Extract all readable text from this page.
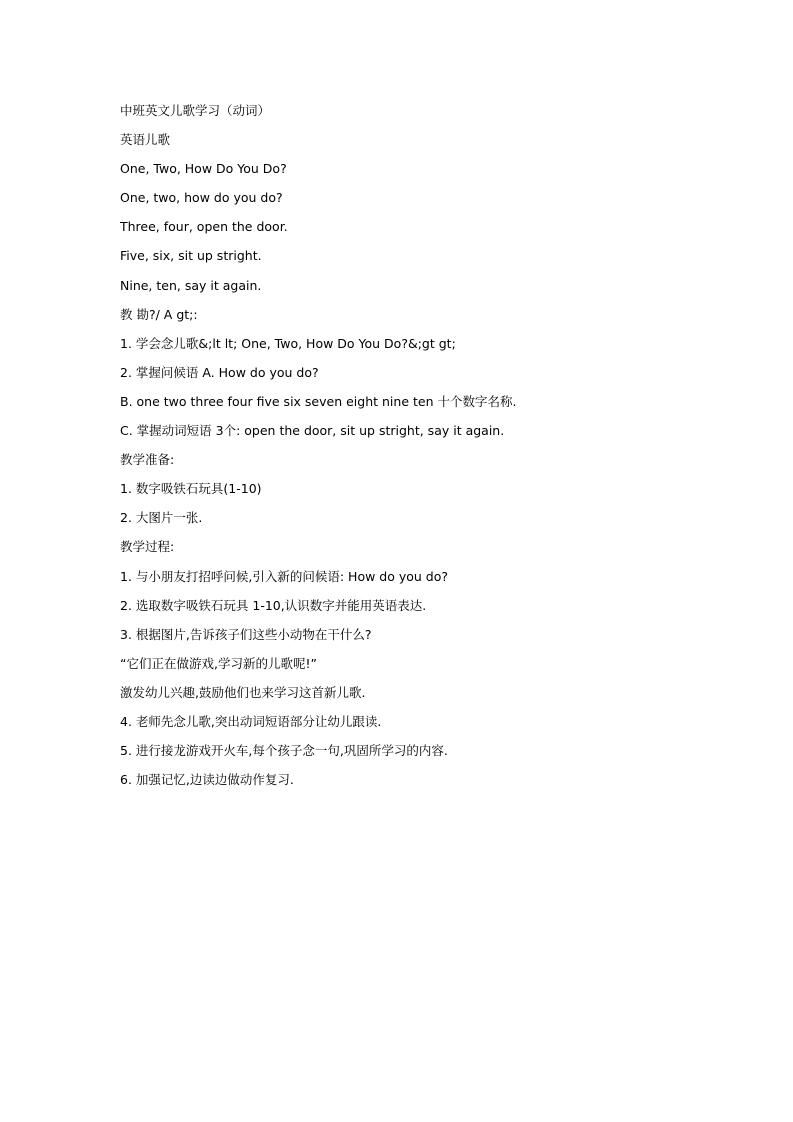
中班英文儿歌学习（动词）
英语儿歌
One, Two, How Do You Do?
One, two, how do you do?
Three, four, open the door.
Five, six, sit up stright.
Nine, ten, say it again.
教 勘?/ A gt;:
1. 学会念儿歌&;lt lt; One, Two, How Do You Do?&;gt gt;
2. 掌握问候语 A. How do you do?
B. one two three four five six seven eight nine ten 十个数字名称.
C. 掌握动词短语 3个: open the door, sit up stright, say it again.
教学准备:
1. 数字吸铁石玩具(1-10)
2. 大图片一张.
教学过程:
1. 与小朋友打招呼问候,引入新的问候语: How do you do?
2. 选取数字吸铁石玩具 1-10,认识数字并能用英语表达.
3. 根据图片,告诉孩子们这些小动物在干什么?
“它们正在做游戏,学习新的儿歌呢!”
激发幼儿兴趣,鼓励他们也来学习这首新儿歌.
4. 老师先念儿歌,突出动词短语部分让幼儿跟读.
5. 进行接龙游戏开火车,每个孩子念一句,巩固所学习的内容.
6. 加强记忆,边读边做动作复习.
